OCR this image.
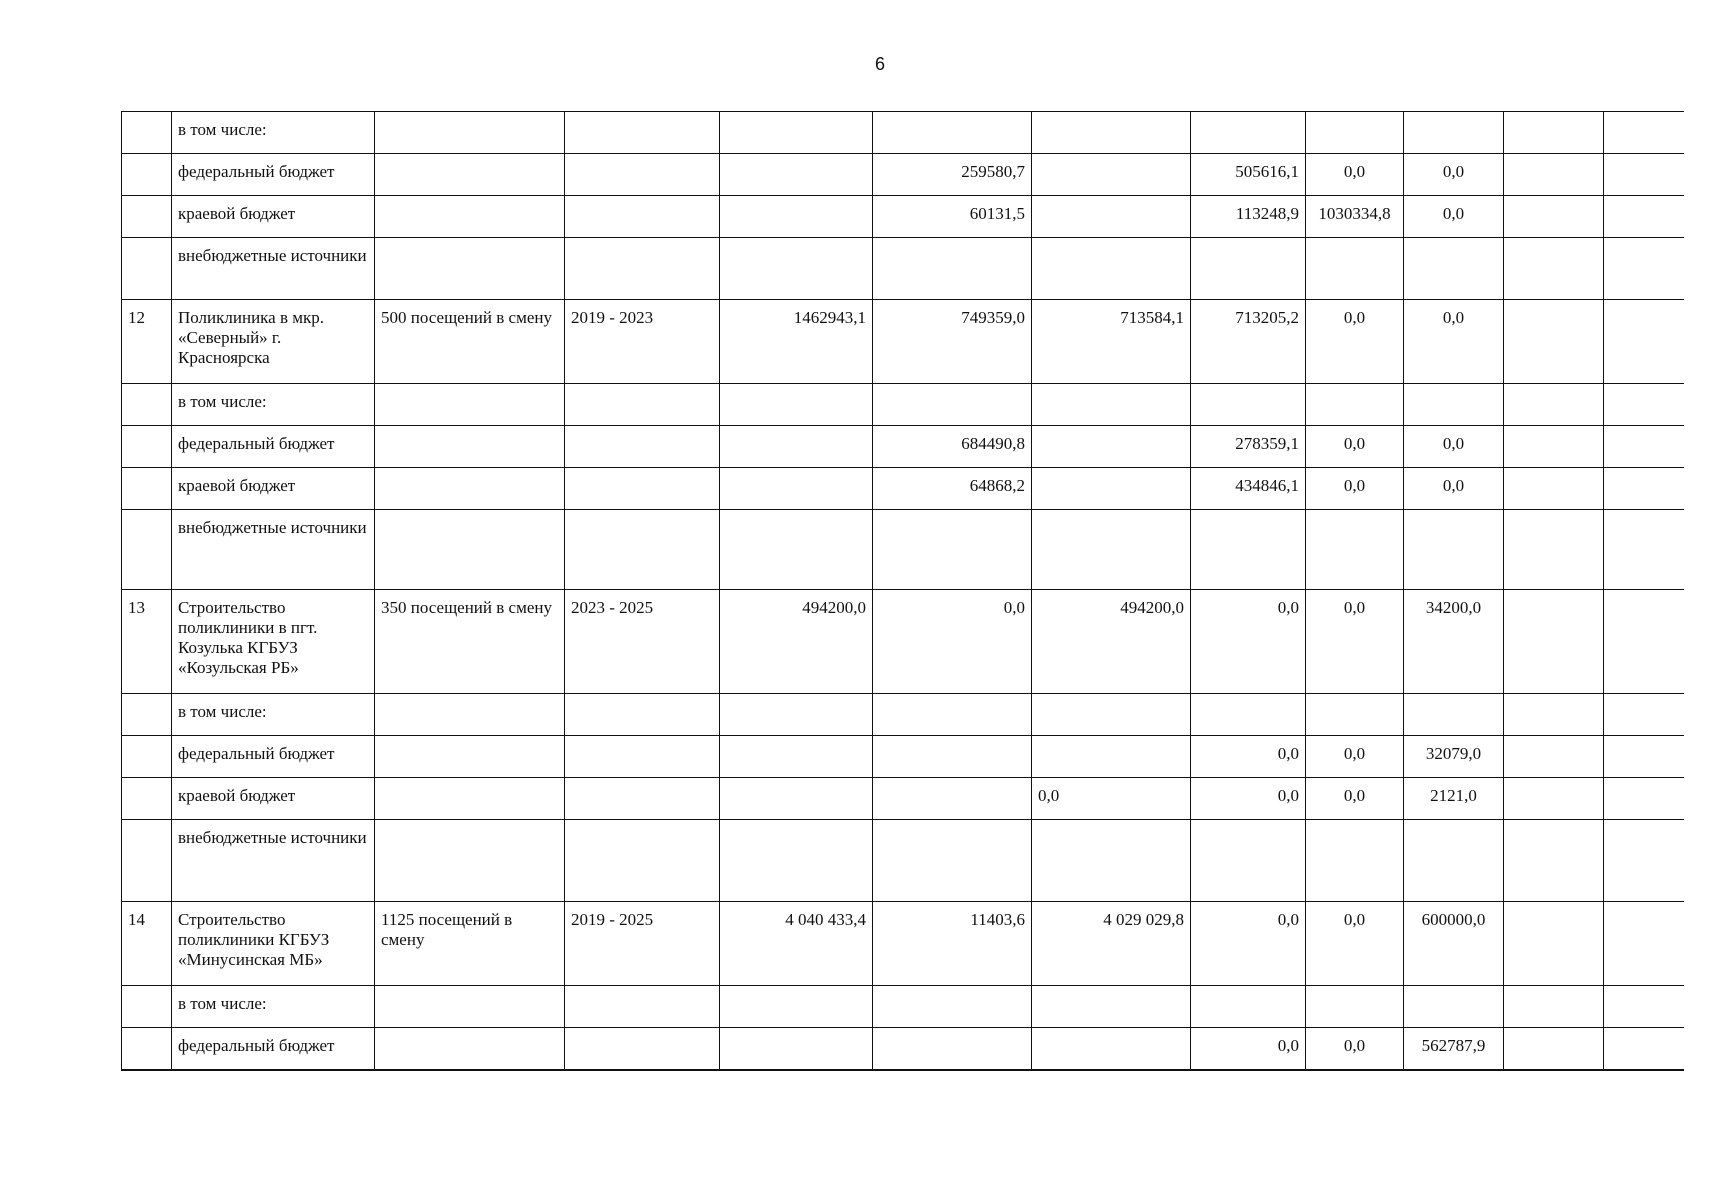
6
	в том числе:										
	федеральный бюджет				259580,7		505616,1	0,0	0,0		
	краевой бюджет				60131,5		113248,9	1030334,8	0,0		
	внебюджетные источники										
12	Поликлиника в мкр. «Северный» г. Красноярска	500 посещений в смену	2019 - 2023	1462943,1	749359,0	713584,1	713205,2	0,0	0,0		
	в том числе:										
	федеральный бюджет				684490,8		278359,1	0,0	0,0		
	краевой бюджет				64868,2		434846,1	0,0	0,0		
	внебюджетные источники										
13	Строительство поликлиники в пгт. Козулька КГБУЗ «Козульская РБ»	350 посещений в смену	2023 - 2025	494200,0	0,0	494200,0	0,0	0,0	34200,0		
	в том числе:										
	федеральный бюджет						0,0	0,0	32079,0		
	краевой бюджет					0,0	0,0	0,0	2121,0		
	внебюджетные источники										
14	Строительство поликлиники КГБУЗ «Минусинская МБ»	1125 посещений в смену	2019 - 2025	4 040 433,4	11403,6	4 029 029,8	0,0	0,0	600000,0		
	в том числе:										
	федеральный бюджет						0,0	0,0	562787,9		
